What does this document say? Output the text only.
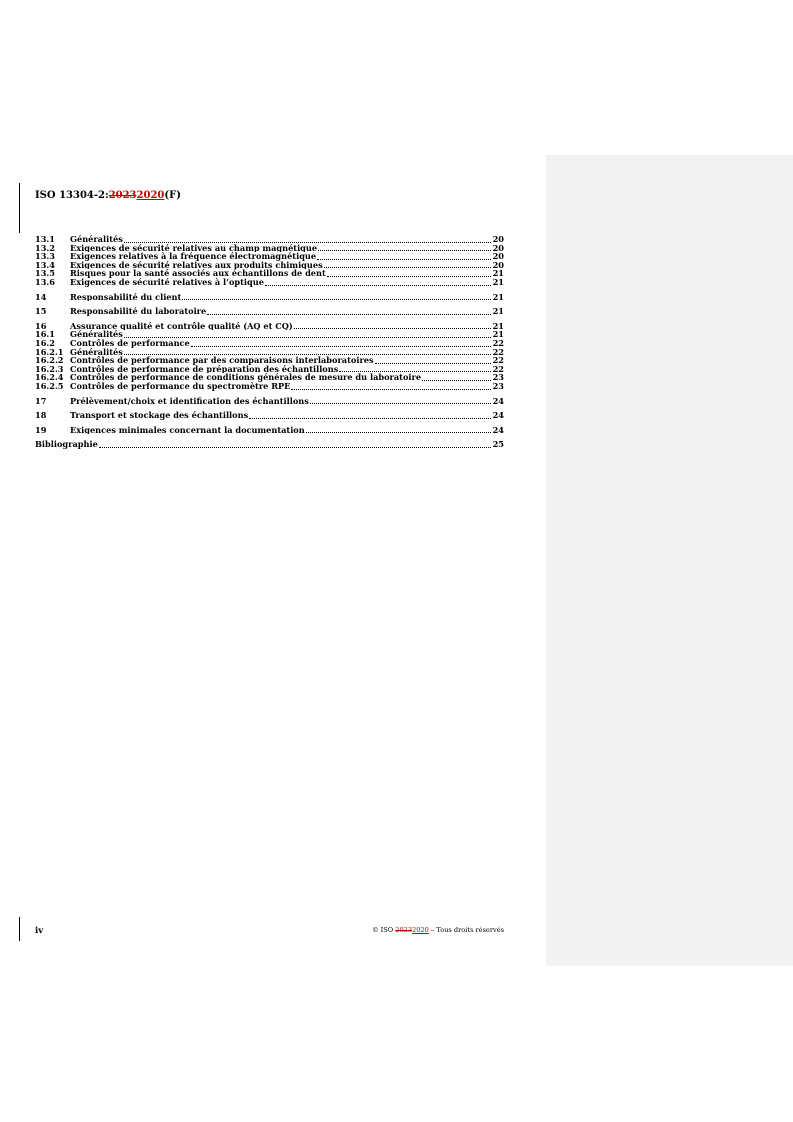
ISO 13304-2:20232020(F)
13.1	Généralités	20
13.2	Exigences de sécurité relatives au champ magnétique	20
13.3	Exigences relatives à la fréquence électromagnétique	20
13.4	Exigences de sécurité relatives aux produits chimiques	20
13.5	Risques pour la santé associés aux échantillons de dent	21
13.6	Exigences de sécurité relatives à l’optique	21
14	Responsabilité du client	21
15	Responsabilité du laboratoire	21
16	Assurance qualité et contrôle qualité (AQ et CQ)	21
16.1	Généralités	21
16.2	Contrôles de performance	22
16.2.1 Généralités	22
16.2.2 Contrôles de performance par des comparaisons interlaboratoires	22
16.2.3 Contrôles de performance de préparation des échantillons	22
16.2.4 Contrôles de performance de conditions générales de mesure du laboratoire	23
16.2.5 Contrôles de performance du spectromètre RPE	23
17	Prélèvement/choix et identification des échantillons	24
18	Transport et stockage des échantillons	24
19	Exigences minimales concernant la documentation	24
Bibliographie	25
iv	© ISO 20232020 – Tous droits réservés
